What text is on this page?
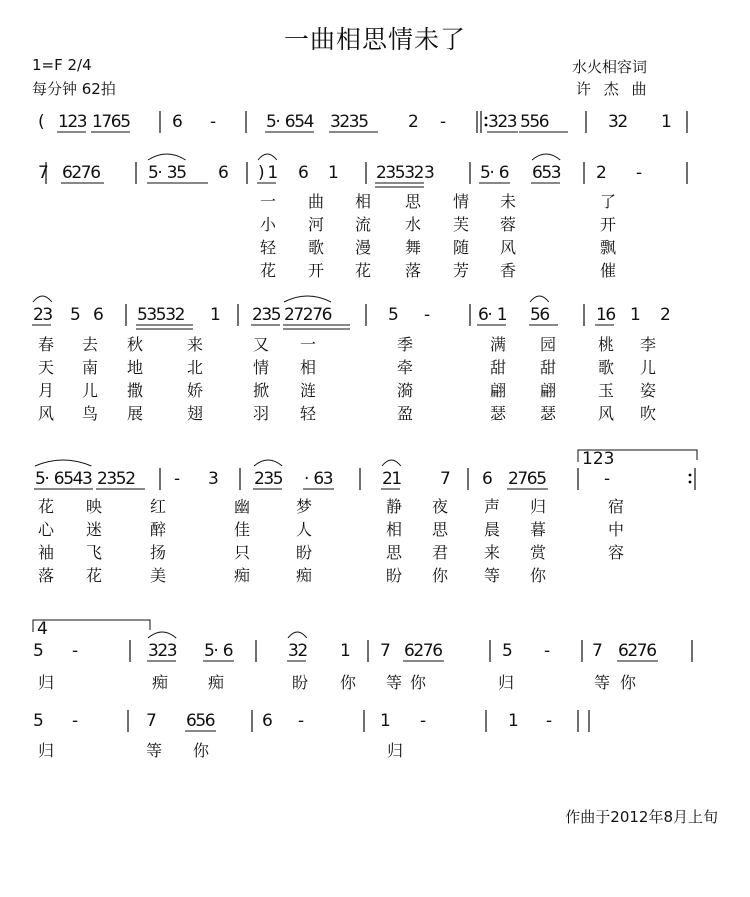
一曲相思情未了
1=F 2/4
每分钟 62拍
水火相容词
许 杰 曲
( 1
2
3 1
7
6
5 6 -	5
· 6
5
4 3
2
3
5 2 - 3
2
3 5
5
6	3
2 1
7 6
2
7
6	5
· 3
5 6 ) 1 6 1 2
3
5
3
2 3	5
· 6 6
5
3 2 -
一 曲 相 思 情 未	了
小 河 流 水 芙 蓉	开
轻 歌 漫 舞 随 风	飘
花 开 花 落 芳 香	催
2
3 5 6 5
3
5
3
2 1 2
3
5 2
7
2
7
6	5 -	6
· 1 5
6	1
6 1 2
春 去 秋	来	又 一	季	满 园	桃 李
天 南 地	北	情 相	牵	甜 甜	歌 儿
月 儿 撒	娇	掀 涟	漪	翩 翩	玉 姿
风 鸟 展	翅	羽 轻	盈	瑟 瑟	风 吹
5
· 6
5
4
3 2
3
5
2 - 3 2
3
5 · 6
3	2
1 7 6 2
7
6
5	-
123
花 映	红	幽	梦	静 夜 声 归	宿
心 迷	醉	佳	人	相 思 晨 暮	中
袖 飞	扬	只	盼	思 君 来 赏	容
落 花	美	痴	痴	盼 你 等 你
5 -	3
2
3 5
· 6	3
2 1 7 6
2
7
6	5 - 7 6
2
7
6
4
归	痴 痴	盼 你 等 你	归	等 你
5 -	7 6
5
6	6 -	1 -	1 -
归	等 你	归
作曲于2012年8月上旬
